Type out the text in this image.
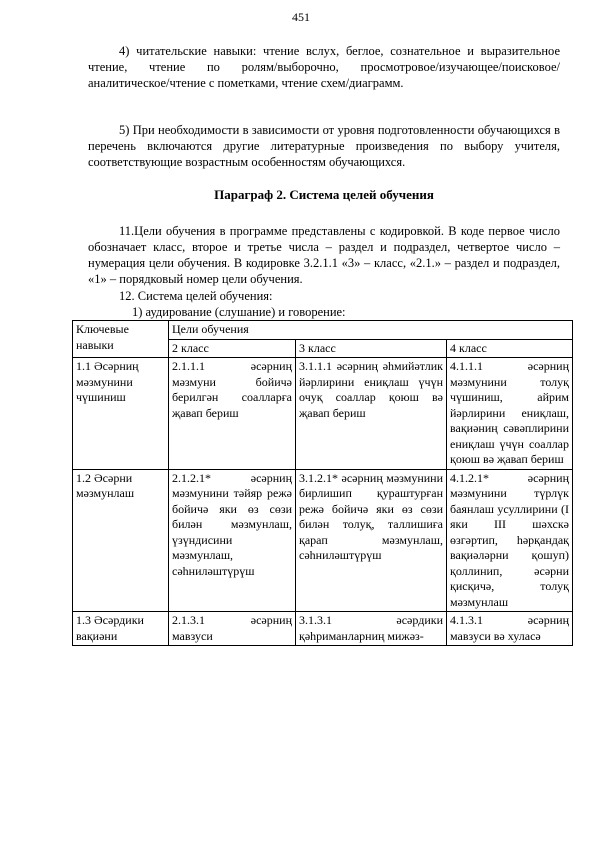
451

4) читательские навыки: чтение вслух, беглое, сознательное и выразительное чтение, чтение по ролям/выборочно, просмотровое/изучающее/поисковое/аналитическое/чтение с пометками, чтение схем/диаграмм.

5) При необходимости в зависимости от уровня подготовленности обучающихся в перечень включаются другие литературные произведения по выбору учителя, соответствующие возрастным особенностям обучающихся.

Параграф 2. Система целей обучения

11.Цели обучения в программе представлены с кодировкой. В коде первое число обозначает класс, второе и третье числа – раздел и подраздел, четвертое число – нумерация цели обучения. В кодировке 3.2.1.1 «3» – класс, «2.1.» – раздел и подраздел, «1» – порядковый номер цели обучения.

12. Система целей обучения:

1) аудирование (слушание) и говорение:

Ключевые навыки	Цели обучения		
	2 класс	3 класс	4 класс
1.1 Әсәрниң мәзмунини чүшиниш	2.1.1.1 әсәрниң мәзмуни бойичә берилгән соалларға җавап бериш	3.1.1.1 әсәрниң әһмийәтлик йәрлирини ениқлаш үчүн очуқ соаллар қоюш вә җавап бериш	4.1.1.1 әсәрниң мәзмунини толуқ чүшиниш, айрим йәрлирини ениқлаш, вақиәниң сәвәплирини ениқлаш үчүн соаллар қоюш вә җавап бериш
1.2 Әсәрни мәзмунлаш	2.1.2.1* әсәрниң мәзмунини тәйяр режә бойичә яки өз сөзи билән мәзмунлаш, үзүндисини мәзмунлаш, сәһниләштүрүш	3.1.2.1* әсәрниң мәзмунини бирлишип қураштурған режә бойичә яки өз сөзи билән толуқ, таллишиға қарап мәзмунлаш, сәһниләштүрүш	4.1.2.1* әсәрниң мәзмунини түрлүк баянлаш усуллирини (I яки III шәхскә өзгәртип, һәрқандақ вақиәләрни қошуп) қоллинип, әсәрни қисқичә, толуқ мәзмунлаш
1.3 Әсәрдики вақиәни	2.1.3.1 әсәрниң мавзуси	3.1.3.1 әсәрдики қәһриманларниң мижәз-	4.1.3.1 әсәрниң мавзуси вә хуласә
